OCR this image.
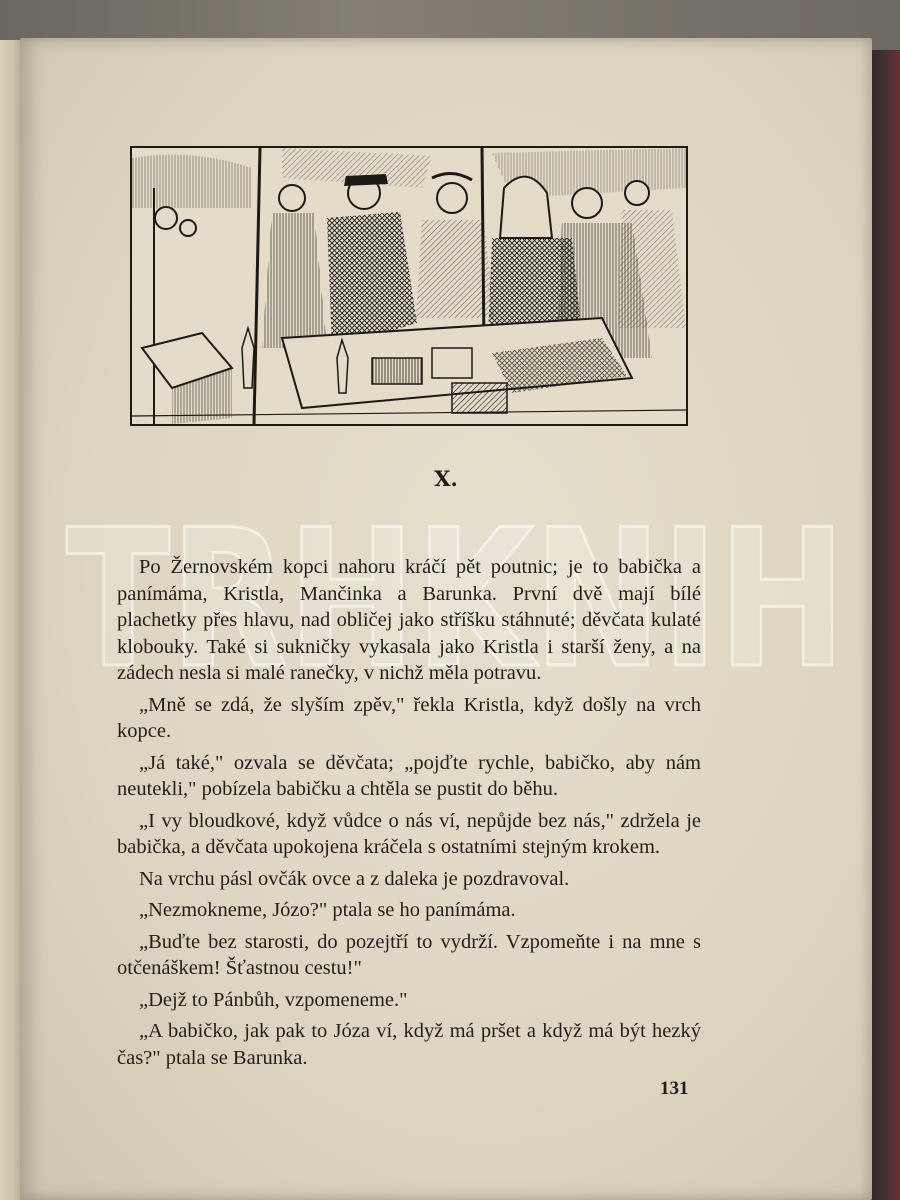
X.
TRHKNIH

Po Žernovském kopci nahoru kráčí pět poutnic; je to babička a panímáma, Kristla, Mančinka a Barunka. První dvě mají bílé plachetky přes hlavu, nad obličej jako stříšku stáhnuté; děvčata kulaté klobouky. Také si sukničky vykasala jako Kristla i starší ženy, a na zádech nesla si malé ranečky, v nichž měla potravu.

„Mně se zdá, že slyším zpěv," řekla Kristla, když došly na vrch kopce.

„Já také," ozvala se děvčata; „pojďte rychle, babičko, aby nám neutekli," pobízela babičku a chtěla se pustit do běhu.

„I vy bloudkové, když vůdce o nás ví, nepůjde bez nás," zdržela je babička, a děvčata upokojena kráčela s ostatními stejným krokem.

Na vrchu pásl ovčák ovce a z daleka je pozdravoval.

„Nezmokneme, Józo?" ptala se ho panímáma.

„Buďte bez starosti, do pozejtří to vydrží. Vzpomeňte i na mne s otčenáškem! Šťastnou cestu!"

„Dejž to Pánbůh, vzpomeneme."

„A babičko, jak pak to Józa ví, když má pršet a když má být hezký čas?" ptala se Barunka.

131
